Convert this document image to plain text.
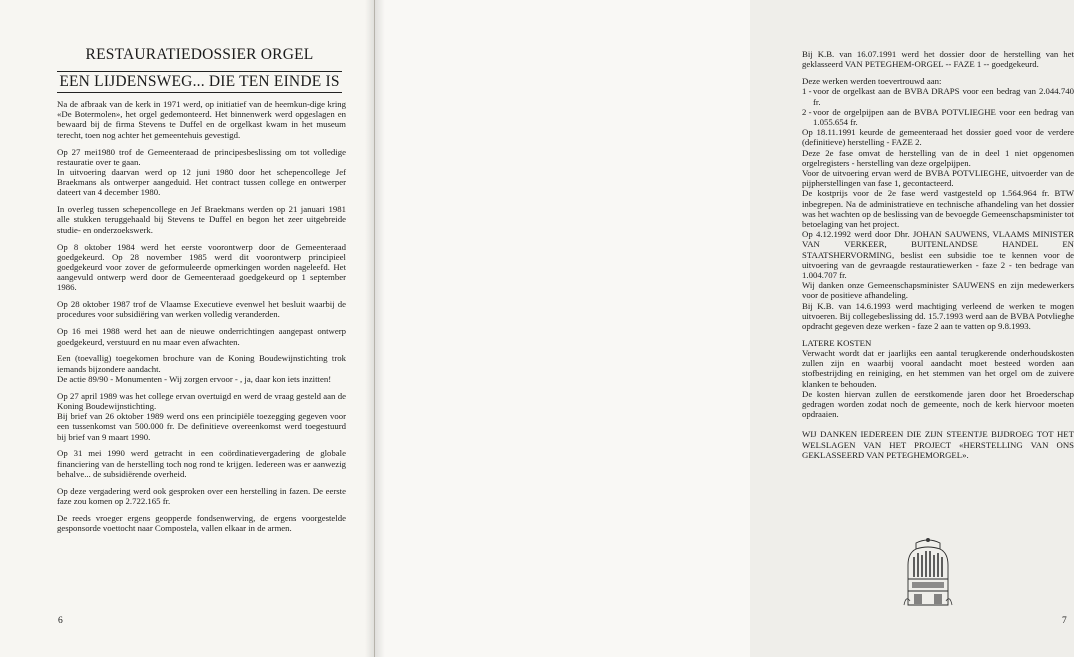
RESTAURATIEDOSSIER ORGEL
EEN LIJDENSWEG... DIE TEN EINDE IS

Na de afbraak van de kerk in 1971 werd, op initiatief van de heemkun-dige kring «De Botermolen», het orgel gedemonteerd. Het binnenwerk werd opgeslagen en bewaard bij de firma Stevens te Duffel en de orgelkast kwam in het museum terecht, toen nog achter het gemeentehuis gevestigd.

Op 27 mei1980 trof de Gemeenteraad de principesbeslissing om tot volledige restauratie over te gaan.

In uitvoering daarvan werd op 12 juni 1980 door het schepencollege Jef Braekmans als ontwerper aangeduid. Het contract tussen college en ontwerper dateert van 4 december 1980.

In overleg tussen schepencollege en Jef Braekmans werden op 21 januari 1981 alle stukken teruggehaald bij Stevens te Duffel en begon het zeer uitgebreide studie- en onderzoekswerk.

Op 8 oktober 1984 werd het eerste voorontwerp door de Gemeenteraad goedgekeurd. Op 28 november 1985 werd dit voorontwerp principieel goedgekeurd voor zover de geformuleerde opmerkingen worden nageleefd. Het aangevuld ontwerp werd door de Gemeenteraad goedgekeurd op 1 september 1986.

Op 28 oktober 1987 trof de Vlaamse Executieve evenwel het besluit waarbij de procedures voor subsidiëring van werken volledig veranderden.

Op 16 mei 1988 werd het aan de nieuwe onderrichtingen aangepast ontwerp goedgekeurd, verstuurd en nu maar even afwachten.

Een (toevallig) toegekomen brochure van de Koning Boudewijnstichting trok iemands bijzondere aandacht.

De actie 89/90 - Monumenten - Wij zorgen ervoor - , ja, daar kon iets inzitten!

Op 27 april 1989 was het college ervan overtuigd en werd de vraag gesteld aan de Koning Boudewijnstichting.

Bij brief van 26 oktober 1989 werd ons een principiële toezegging gegeven voor een tussenkomst van 500.000 fr. De definitieve overeenkomst werd toegestuurd bij brief van 9 maart 1990.

Op 31 mei 1990 werd getracht in een coördinatievergadering de globale financiering van de herstelling toch nog rond te krijgen. Iedereen was er aanwezig behalve... de subsidiërende overheid.

Op deze vergadering werd ook gesproken over een herstelling in fazen. De eerste faze zou komen op 2.722.165 fr.

De reeds vroeger ergens geopperde fondsenwerving, de ergens voorgestelde gesponsorde voettocht naar Compostela, vallen elkaar in de armen.

6

Bij K.B. van 16.07.1991 werd het dossier door de herstelling van het geklasseerd VAN PETEGHEM-ORGEL -- FAZE 1 -- goedgekeurd.

Deze werken werden toevertrouwd aan:

1 - voor de orgelkast aan de BVBA DRAPS voor een bedrag van 2.044.740 fr.
2 - voor de orgelpijpen aan de BVBA POTVLIEGHE voor een bedrag van 1.055.654 fr.

Op 18.11.1991 keurde de gemeenteraad het dossier goed voor de verdere (definitieve) herstelling - FAZE 2.

Deze 2e fase omvat de herstelling van de in deel 1 niet opgenomen orgelregisters - herstelling van deze orgelpijpen.

Voor de uitvoering ervan werd de BVBA POTVLIEGHE, uitvoerder van de pijpherstellingen van fase 1, gecontacteerd.

De kostprijs voor de 2e fase werd vastgesteld op 1.564.964 fr. BTW inbegrepen. Na de administratieve en technische afhandeling van het dossier was het wachten op de beslissing van de bevoegde Gemeenschapsminister tot betoelaging van het project.

Op 4.12.1992 werd door Dhr. JOHAN SAUWENS, VLAAMS MINISTER VAN VERKEER, BUITENLANDSE HANDEL EN STAATSHERVORMING, beslist een subsidie toe te kennen voor de uitvoering van de gevraagde restauratiewerken - faze 2 - ten bedrage van 1.004.707 fr.

Wij danken onze Gemeenschapsminister SAUWENS en zijn medewerkers voor de positieve afhandeling.

Bij K.B. van 14.6.1993 werd machtiging verleend de werken te mogen uitvoeren. Bij collegebeslissing dd. 15.7.1993 werd aan de BVBA Potvlieghe opdracht gegeven deze werken - faze 2 aan te vatten op 9.8.1993.

LATERE KOSTEN

Verwacht wordt dat er jaarlijks een aantal terugkerende onderhoudskosten zullen zijn en waarbij vooral aandacht moet besteed worden aan stofbestrijding en reiniging, en het stemmen van het orgel om de zuivere klanken te behouden.

De kosten hiervan zullen de eerstkomende jaren door het Broederschap gedragen worden zodat noch de gemeente, noch de kerk hiervoor moeten opdraaien.

WIJ DANKEN IEDEREEN DIE ZIJN STEENTJE BIJDROEG TOT HET WELSLAGEN VAN HET PROJECT «HERSTELLING VAN ONS GEKLASSEERD VAN PETEGHEMORGEL».

7
